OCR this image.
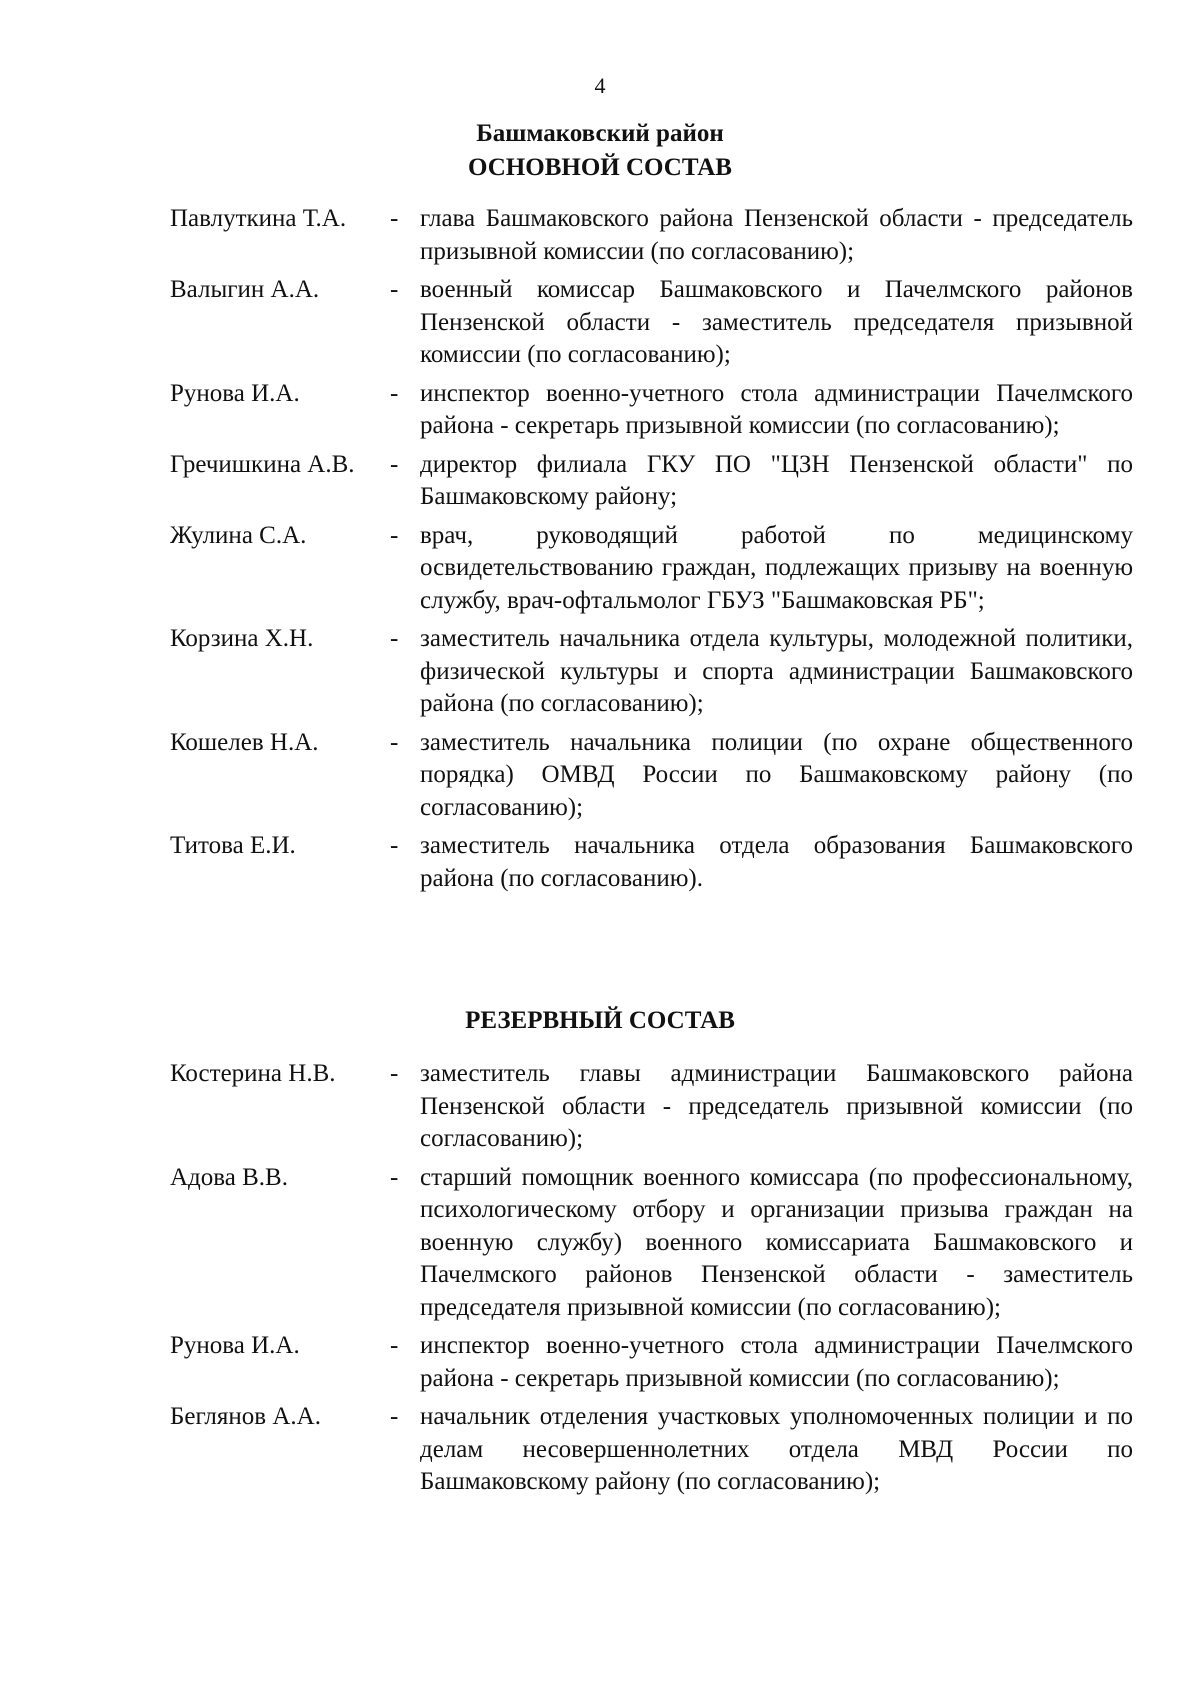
4
Башмаковский район
ОСНОВНОЙ СОСТАВ
Павлуткина Т.А.	- глава Башмаковского района Пензенской области - председатель призывной комиссии (по согласованию);
Валыгин А.А.	- военный комиссар Башмаковского и Пачелмского районов Пензенской области - заместитель председателя призывной комиссии (по согласованию);
Рунова И.А.	- инспектор военно-учетного стола администрации Пачелмского района - секретарь призывной комиссии (по согласованию);
Гречишкина А.В.	- директор филиала ГКУ ПО "ЦЗН Пензенской области" по Башмаковскому району;
Жулина С.А.	- врач, руководящий работой по медицинскому освидетельствованию граждан, подлежащих призыву на военную службу, врач-офтальмолог ГБУЗ "Башмаковская РБ";
Корзина Х.Н.	- заместитель начальника отдела культуры, молодежной политики, физической культуры и спорта администрации Башмаковского района (по согласованию);
Кошелев Н.А.	- заместитель начальника полиции (по охране общественного порядка) ОМВД России по Башмаковскому району (по согласованию);
Титова Е.И.	- заместитель начальника отдела образования Башмаковского района (по согласованию).
РЕЗЕРВНЫЙ СОСТАВ
Костерина Н.В.	- заместитель главы администрации Башмаковского района Пензенской области - председатель призывной комиссии (по согласованию);
Адова В.В.	- старший помощник военного комиссара (по профессиональному, психологическому отбору и организации призыва граждан на военную службу) военного комиссариата Башмаковского и Пачелмского районов Пензенской области - заместитель председателя призывной комиссии (по согласованию);
Рунова И.А.	- инспектор военно-учетного стола администрации Пачелмского района - секретарь призывной комиссии (по согласованию);
Беглянов А.А.	- начальник отделения участковых уполномоченных полиции и по делам несовершеннолетних отдела МВД России по Башмаковскому району (по согласованию);
